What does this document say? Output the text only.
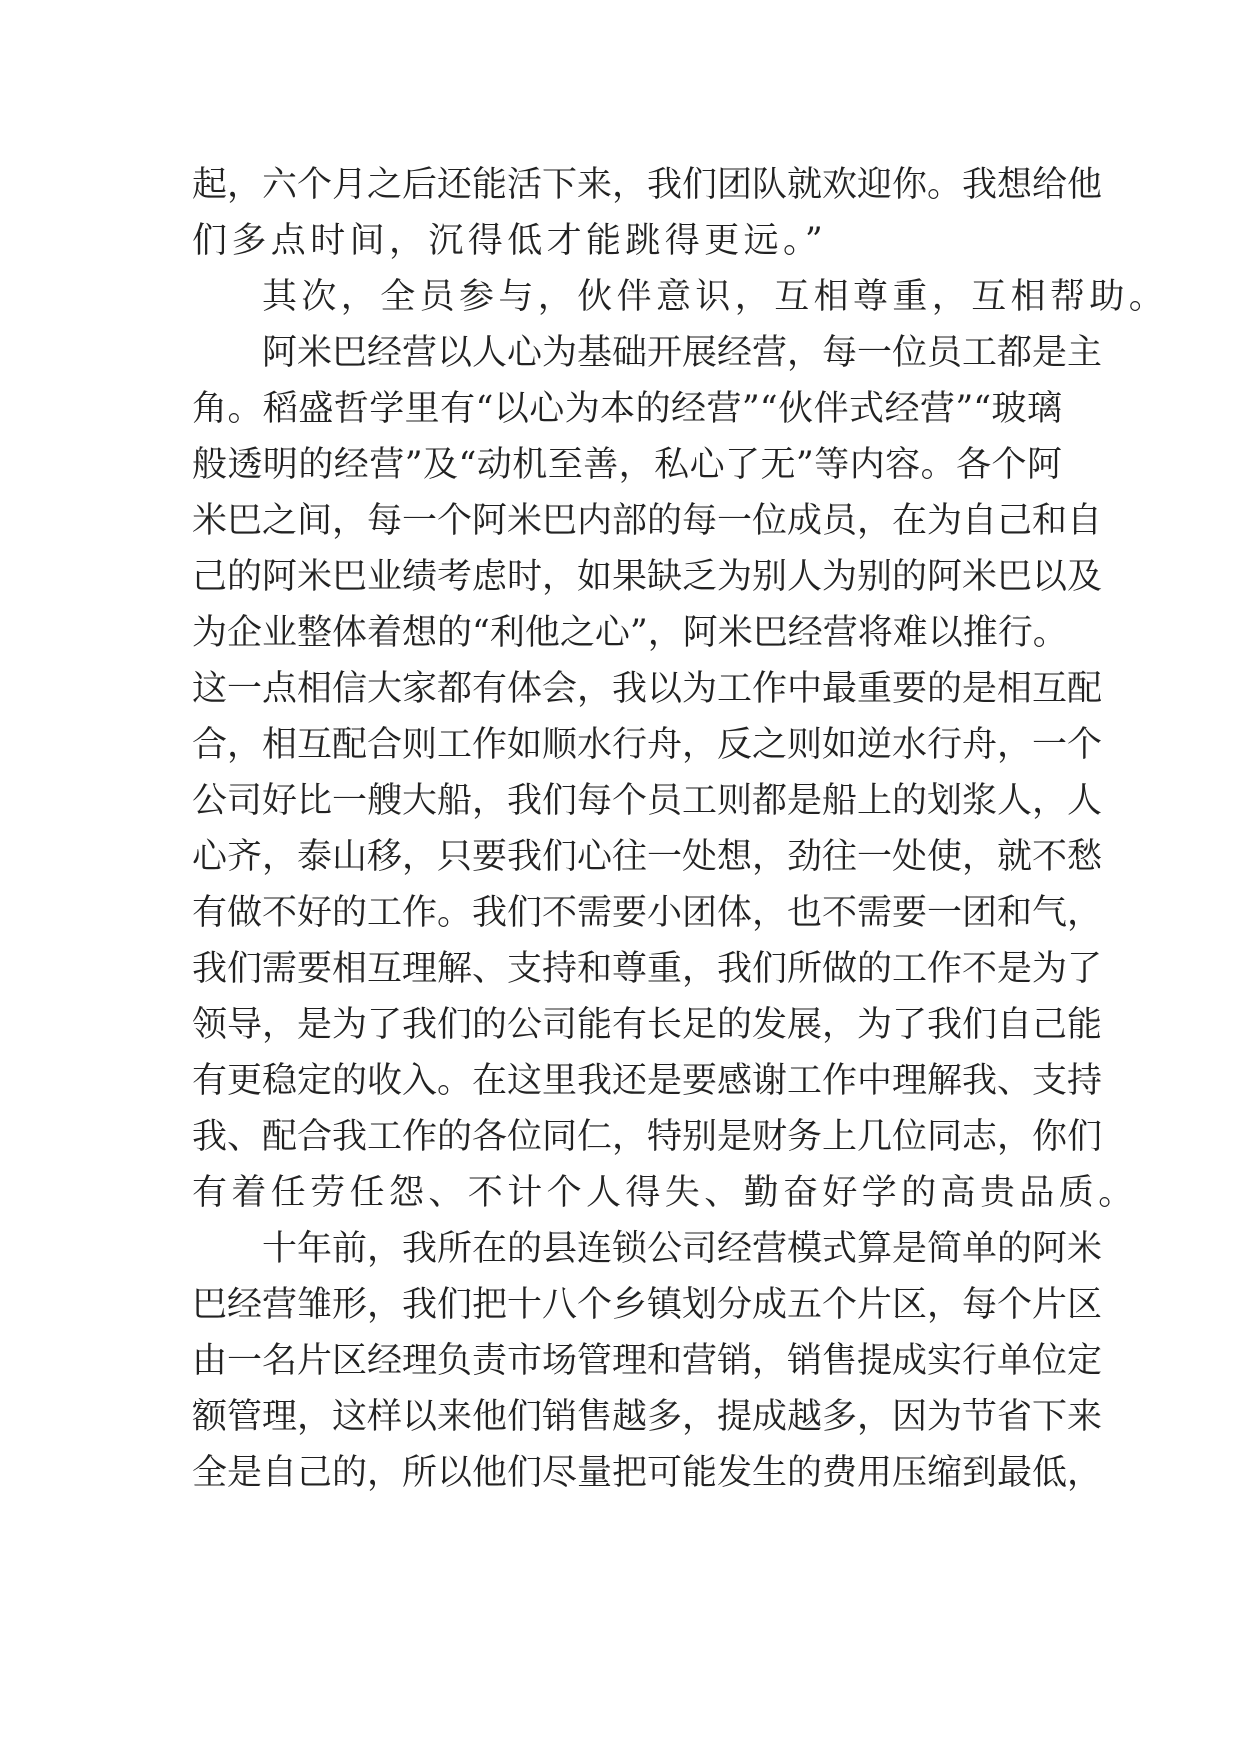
起，六个月之后还能活下来，我们团队就欢迎你。我想给他
们多点时间，沉得低才能跳得更远。”
其次，全员参与，伙伴意识，互相尊重，互相帮助。
阿米巴经营以人心为基础开展经营，每一位员工都是主
角。稻盛哲学里有“以心为本的经营”“伙伴式经营”“玻璃
般透明的经营”及“动机至善，私心了无”等内容。各个阿
米巴之间，每一个阿米巴内部的每一位成员，在为自己和自
己的阿米巴业绩考虑时，如果缺乏为别人为别的阿米巴以及
为企业整体着想的“利他之心”，阿米巴经营将难以推行。
这一点相信大家都有体会，我以为工作中最重要的是相互配
合，相互配合则工作如顺水行舟，反之则如逆水行舟，一个
公司好比一艘大船，我们每个员工则都是船上的划浆人，人
心齐，泰山移，只要我们心往一处想，劲往一处使，就不愁
有做不好的工作。我们不需要小团体，也不需要一团和气，
我们需要相互理解、支持和尊重，我们所做的工作不是为了
领导，是为了我们的公司能有长足的发展，为了我们自己能
有更稳定的收入。在这里我还是要感谢工作中理解我、支持
我、配合我工作的各位同仁，特别是财务上几位同志，你们
有着任劳任怨、不计个人得失、勤奋好学的高贵品质。
十年前，我所在的县连锁公司经营模式算是简单的阿米
巴经营雏形，我们把十八个乡镇划分成五个片区，每个片区
由一名片区经理负责市场管理和营销，销售提成实行单位定
额管理，这样以来他们销售越多，提成越多，因为节省下来
全是自己的，所以他们尽量把可能发生的费用压缩到最低，
